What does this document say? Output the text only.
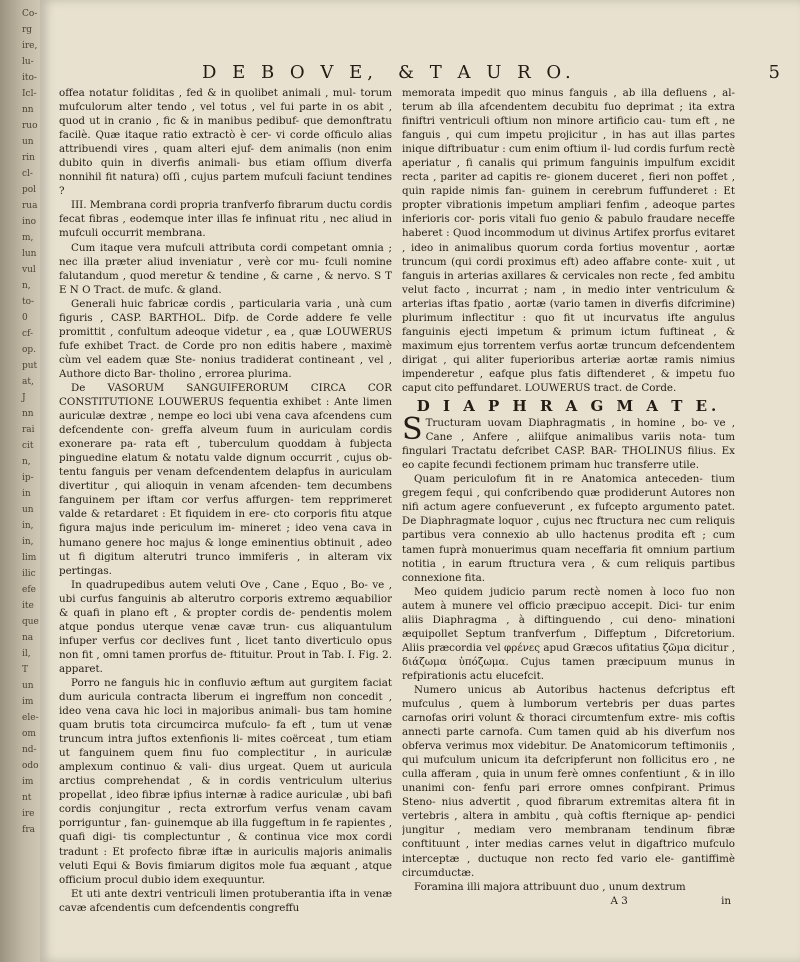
Co-
rg
ire,
lu-
ito-
Icl-
nn
ruo
un
rin
cl-
pol
rua
ino
m,
lun
vul
n,
to-
0
cf-
op.
put
at,
J
nn
rai
cit
n,
ip-
in
un
in,
in,
lim
ilic
efe
ite
que
na
il,
T
un
im
ele-
om
nd-
odo
im
nt
ire
fra
D E B O V E, & T A U R O.	5

offea notatur foliditas , fed & in quolibet animali , mul- torum mufculorum alter tendo , vel totus , vel fui parte in os abit , quod ut in cranio , fic & in manibus pedibuf- que demonftratu facilè. Quæ itaque ratio extractò è cer- vi corde oſficulo alias attribuendi vires , quam alteri ejuf- dem animalis (non enim dubito quin in diverfis animali- bus etiam oſſium diverfa nonnihil fit natura) oſſi , cujus partem mufculi faciunt tendines ?

III. Membrana cordi propria tranfverfo fibrarum ductu cordis fecat fibras , eodemque inter illas fe infinuat ritu , nec aliud in mufculi occurrit membrana.

Cum itaque vera mufculi attributa cordi competant omnia ; nec illa præter aliud inveniatur , verè cor mu- fculi nomine falutandum , quod meretur & tendine , & carne , & nervo. S T E N O Tract. de mufc. & gland.

Generali huic fabricæ cordis , particularia varia , unà cum figuris , CASP. BARTHOL. Difp. de Corde addere fe velle promittit , confultum adeoque videtur , ea , quæ LOUWERUS fufe exhibet Tract. de Corde pro non editis habere , maximè cùm vel eadem quæ Ste- nonius tradiderat contineant , vel , Authore dicto Bar- tholino , errorea plurima.

De VASORUM SANGUIFERORUM CIRCA COR CONSTITUTIONE LOUWERUS fequentia exhibet : Ante limen auriculæ dextræ , nempe eo loci ubi vena cava afcendens cum defcendente con- greffa alveum fuum in auriculam cordis exonerare pa- rata eft , tuberculum quoddam à fubjecta pinguedine elatum & notatu valde dignum occurrit , cujus ob- tentu fanguis per venam defcendentem delapfus in auriculam divertitur , qui alioquin in venam afcenden- tem decumbens fanguinem per iftam cor verfus affurgen- tem repprimeret valde & retardaret : Et fiquidem in ere- cto corporis fitu atque figura majus inde periculum im- mineret ; ideo vena cava in humano genere hoc majus & longe eminentius obtinuit , adeo ut fi digitum alterutri trunco immiferis , in alteram vix pertingas.

In quadrupedibus autem veluti Ove , Cane , Equo , Bo- ve , ubi curfus fanguinis ab alterutro corporis extremo æquabilior & quafi in plano eft , & propter cordis de- pendentis molem atque pondus uterque venæ cavæ trun- cus aliquantulum infuper verfus cor declives funt , licet tanto diverticulo opus non fit , omni tamen prorfus de- ftituitur. Prout in Tab. I. Fig. 2. apparet.

Porro ne fanguis hic in confluvio æftum aut gurgitem faciat dum auricula contracta liberum ei ingreffum non concedit , ideo vena cava hic loci in majoribus animali- bus tam homine quam brutis tota circumcirca mufculo- fa eft , tum ut venæ truncum intra juftos extenfionis li- mites coërceat , tum etiam ut fanguinem quem finu fuo complectitur , in auriculæ amplexum continuo & vali- dius urgeat. Quem ut auricula arctius comprehendat , & in cordis ventriculum ulterius propellat , ideo fibræ ipfius internæ à radice auriculæ , ubi bafi cordis conjungitur , recta extrorfum verfus venam cavam porriguntur , fan- guinemque ab illa fuggeftum in fe rapientes , quafi digi- tis complectuntur , & continua vice mox cordi tradunt : Et profecto fibræ iftæ in auriculis majoris animalis veluti Equi & Bovis fimiarum digitos mole fua æquant , atque officium procul dubio idem exequuntur.

Et uti ante dextri ventriculi limen protuberantia ifta in venæ cavæ afcendentis cum defcendentis congreffu

memorata impedit quo minus fanguis , ab illa defluens , al- terum ab illa afcendentem decubitu fuo deprimat ; ita extra finiftri ventriculi oftium non minore artificio cau- tum eft , ne fanguis , qui cum impetu projicitur , in has aut illas partes inique diftribuatur : cum enim oftium il- lud cordis furfum rectè aperiatur , fi canalis qui primum fanguinis impulfum excidit recta , pariter ad capitis re- gionem duceret , fieri non poffet , quin rapide nimis fan- guinem in cerebrum fuffunderet : Et propter vibrationis impetum ampliari fenfim , adeoque partes inferioris cor- poris vitali fuo genio & pabulo fraudare neceffe haberet : Quod incommodum ut divinus Artifex prorfus evitaret , ideo in animalibus quorum corda fortius moventur , aortæ truncum (qui cordi proximus eft) adeo affabre conte- xuit , ut fanguis in arterias axillares & cervicales non recte , fed ambitu velut facto , incurrat ; nam , in medio inter ventriculum & arterias iftas fpatio , aortæ (vario tamen in diverfis difcrimine) plurimum inflectitur : quo fit ut incurvatus ifte angulus fanguinis ejecti impetum & primum ictum fuftineat , & maximum ejus torrentem verfus aortæ truncum defcendentem dirigat , qui aliter fuperioribus arteriæ aortæ ramis nimius impenderetur , eafque plus fatis diftenderet , & impetu fuo caput cito peffundaret. LOUWERUS tract. de Corde.

D I A P H R A G M A T E.

S Tructuram uovam Diaphragmatis , in homine , bo- ve , Cane , Anfere , aliifque animalibus variis nota- tum fingulari Tractatu defcribet CASP. BAR- THOLINUS filius. Ex eo capite fecundi fectionem primam huc transferre utile.

Quam periculofum fit in re Anatomica anteceden- tium gregem fequi , qui confcribendo quæ prodiderunt Autores non nifi actum agere confueverunt , ex fufcepto argumento patet. De Diaphragmate loquor , cujus nec ftructura nec cum reliquis partibus vera connexio ab ullo hactenus prodita eft ; cum tamen fuprà monuerimus quam neceffaria fit omnium partium notitia , in earum ftructura vera , & cum reliquis partibus connexione fita.

Meo quidem judicio parum rectè nomen à loco fuo non autem à munere vel officio præcipuo accepit. Dici- tur enim aliis Diaphragma , à diftinguendo , cui deno- minationi æquipollet Septum tranfverfum , Diffeptum , Difcretorium. Aliis præcordia vel φρένες apud Græcos ufitatius ζῶμα dicitur , διάζωμα ὑπόζωμα. Cujus tamen præcipuum munus in refpirationis actu elucefcit.

Numero unicus ab Autoribus hactenus defcriptus eft mufculus , quem à lumborum vertebris per duas partes carnofas oriri volunt & thoraci circumtenfum extre- mis coftis annecti parte carnofa. Cum tamen quid ab his diverfum nos obferva verimus mox videbitur. De Anatomicorum teftimoniis , qui mufculum unicum ita defcripferunt non follicitus ero , ne culla afferam , quia in unum ferè omnes confentiunt , & in illo unanimi con- fenfu pari errore omnes confpirant. Primus Steno- nius advertit , quod fibrarum extremitas altera fit in vertebris , altera in ambitu , quà coftis fternique ap- pendici jungitur , mediam vero membranam tendinum fibræ conftituunt , inter medias carnes velut in digaftrico mufculo interceptæ , ductuque non recto fed vario ele- gantiffimè circumductæ.

Foramina illi majora attribuunt duo , unum dextrum

A 3	in
